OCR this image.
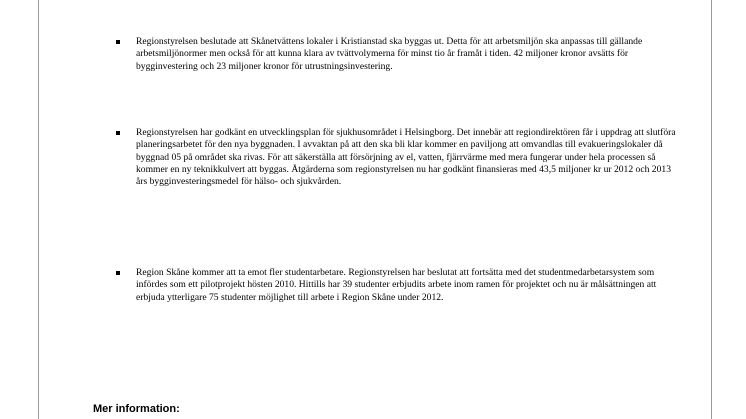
Regionstyrelsen beslutade att Skånetvättens lokaler i Kristianstad ska byggas ut. Detta för att arbetsmiljön ska anpassas till gällande arbetsmiljönormer men också för att kunna klara av tvättvolymerna för minst tio år framåt i tiden. 42 miljoner kronor avsätts för bygginvestering och 23 miljoner kronor för utrustningsinvestering.
Regionstyrelsen har godkänt en utvecklingsplan för sjukhusområdet i Helsingborg. Det innebär att regiondirektören får i uppdrag att slutföra planeringsarbetet för den nya byggnaden. I avvaktan på att den ska bli klar kommer en paviljong att omvandlas till evakueringslokaler då byggnad 05 på området ska rivas. För att säkerställa att försörjning av el, vatten, fjärrvärme med mera fungerar under hela processen så kommer en ny teknikkulvert att byggas. Åtgärderna som regionstyrelsen nu har godkänt finansieras med 43,5 miljoner kr ur 2012 och 2013 års bygginvesteringsmedel för hälso- och sjukvården.
Region Skåne kommer att ta emot fler studentarbetare. Regionstyrelsen har beslutat att fortsätta med det studentmedarbetarsystem som infördes som ett pilotprojekt hösten 2010. Hittills har 39 studenter erbjudits arbete inom ramen för projektet och nu är målsättningen att erbjuda ytterligare 75 studenter möjlighet till arbete i Region Skåne under 2012.
Mer information:
